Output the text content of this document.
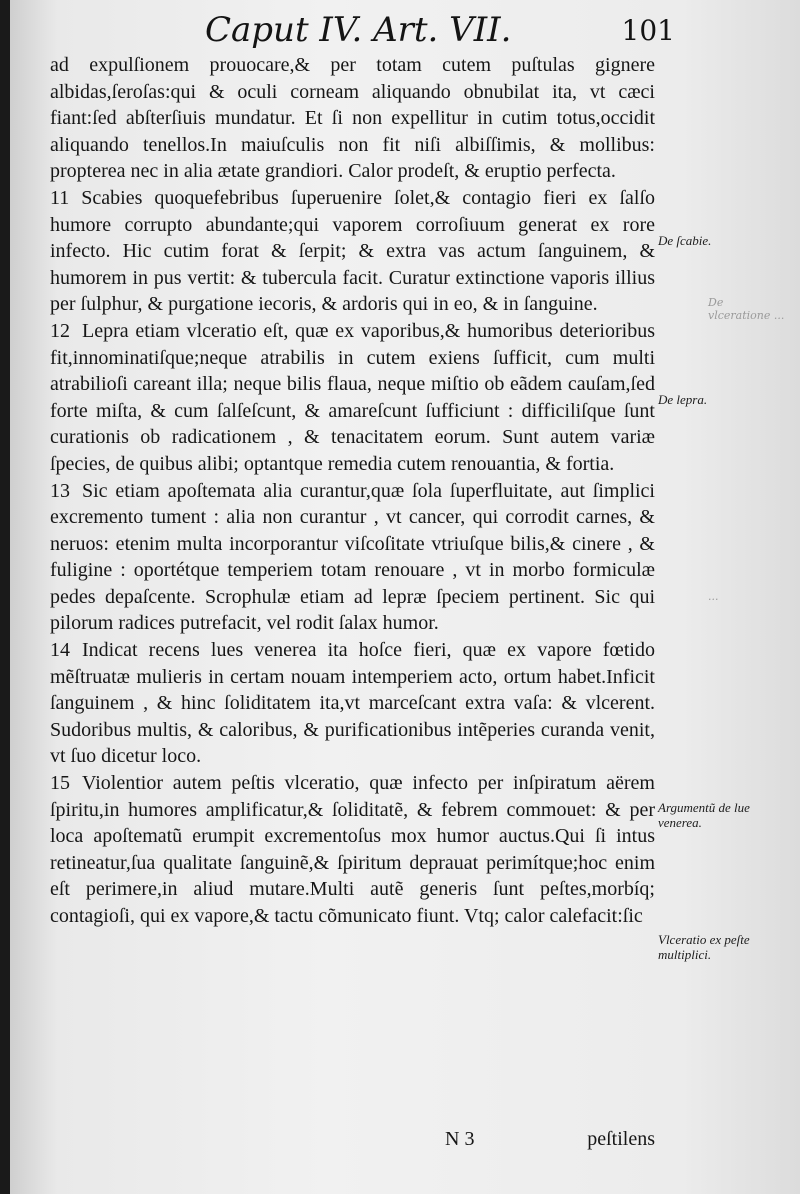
Caput IV. Art. VII.	101

ad expulſionem prouocare,& per totam cutem puſtulas gignere albidas,ſeroſas:qui & oculi corneam aliquando obnubilat ita, vt cæci fiant:ſed abſterſiuis mundatur. Et ſi non expellitur in cutim totus,occidit aliquando tenellos.In maiuſculis non fit niſi albiſſimis, & mollibus: propterea nec in alia ætate grandiori. Calor prodeſt, & eruptio perfecta.

11 Scabies quoquefebribus ſuperuenire ſolet,& contagio fieri ex ſalſo humore corrupto abundante;qui vaporem corroſiuum generat ex rore infecto. Hic cutim forat & ſerpit; & extra vas actum ſanguinem, & humorem in pus vertit: & tubercula facit. Curatur extinctione vaporis illius per ſulphur, & purgatione iecoris, & ardoris qui in eo, & in ſanguine.

12 Lepra etiam vlceratio eſt, quæ ex vaporibus,& humoribus deterioribus fit,innominatiſque;neque atrabilis in cutem exiens ſufficit, cum multi atrabilioſi careant illa; neque bilis flaua, neque miſtio ob eãdem cauſam,ſed forte miſta, & cum ſalſeſcunt, & amareſcunt ſufficiunt : difficiliſque ſunt curationis ob radicationem , & tenacitatem eorum. Sunt autem variæ ſpecies, de quibus alibi; optantque remedia cutem renouantia, & fortia.

13 Sic etiam apoſtemata alia curantur,quæ ſola ſuperfluitate, aut ſimplici excremento tument : alia non curantur , vt cancer, qui corrodit carnes, & neruos: etenim multa incorporantur viſcoſitate vtriuſque bilis,& cinere , & fuligine : oportétque temperiem totam renouare , vt in morbo formiculæ pedes depaſcente. Scrophulæ etiam ad lepræ ſpeciem pertinent. Sic qui pilorum radices putrefacit, vel rodit ſalax humor.

14 Indicat recens lues venerea ita hoſce fieri, quæ ex vapore fœtido mẽſtruatæ mulieris in certam nouam intemperiem acto, ortum habet.Inficit ſanguinem , & hinc ſoliditatem ita,vt marceſcant extra vaſa: & vlcerent. Sudoribus multis, & caloribus, & purificationibus intẽperies curanda venit, vt ſuo dicetur loco.

15 Violentior autem peſtis vlceratio, quæ infecto per inſpiratum aërem ſpiritu,in humores amplificatur,& ſoliditatẽ, & febrem commouet: & per loca apoſtematũ erumpit excrementoſus mox humor auctus.Qui ſi intus retineatur,ſua qualitate ſanguinẽ,& ſpiritum deprauat perimítque;hoc enim eſt perimere,in aliud mutare.Multi autẽ generis ſunt peſtes,morbíq; contagioſi, qui ex vapore,& tactu cõmunicato fiunt. Vtq; calor calefacit:ſic

De ſcabie.
De lepra.
Argumentũ de lue venerea.
Vlceratio ex peſte multiplici.
De vlceratione ...
...
N 3	peſtilens
